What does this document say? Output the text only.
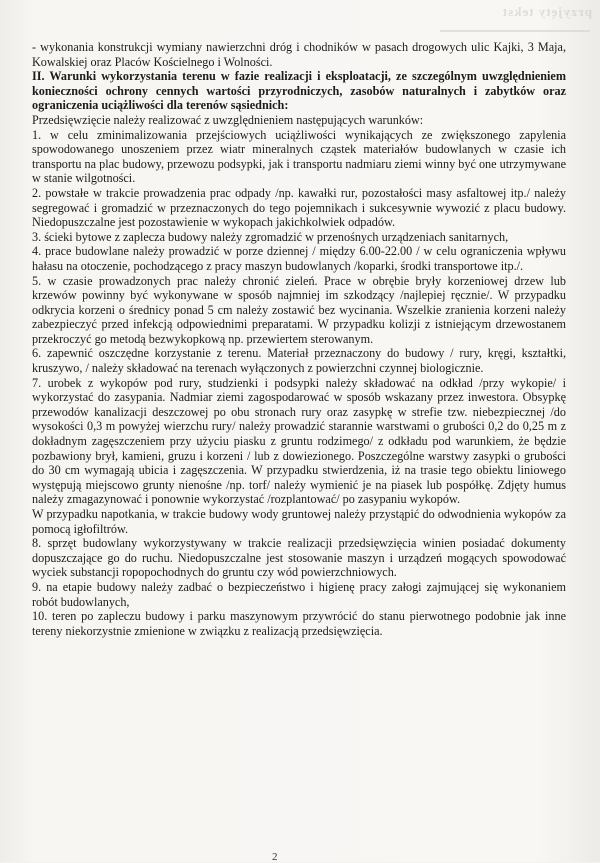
przyjęty tekst

- wykonania konstrukcji wymiany nawierzchni dróg i chodników w pasach drogowych ulic Kajki, 3 Maja, Kowalskiej oraz Placów Kościelnego i Wolności.

II. Warunki wykorzystania terenu w fazie realizacji i eksploatacji, ze szczególnym uwzględnieniem konieczności ochrony cennych wartości przyrodniczych, zasobów naturalnych i zabytków oraz ograniczenia uciążliwości dla terenów sąsiednich:

Przedsięwzięcie należy realizować z uwzględnieniem następujących warunków:

1. w celu zminimalizowania przejściowych uciążliwości wynikających ze zwiększonego zapylenia spowodowanego unoszeniem przez wiatr mineralnych cząstek materiałów budowlanych w czasie ich transportu na plac budowy, przewozu podsypki, jak i transportu nadmiaru ziemi winny być one utrzymywane w stanie wilgotności.

2. powstałe w trakcie prowadzenia prac odpady /np. kawałki rur, pozostałości masy asfaltowej itp./ należy segregować i gromadzić w przeznaczonych do tego pojemnikach i sukcesywnie wywozić z placu budowy. Niedopuszczalne jest pozostawienie w wykopach jakichkolwiek odpadów.

3. ścieki bytowe z zaplecza budowy należy zgromadzić w przenośnych urządzeniach sanitarnych,

4. prace budowlane należy prowadzić w porze dziennej / między 6.00-22.00 / w celu ograniczenia wpływu hałasu na otoczenie, pochodzącego z pracy maszyn budowlanych /koparki, środki transportowe itp./.

5. w czasie prowadzonych prac należy chronić zieleń. Prace w obrębie bryły korzeniowej drzew lub krzewów powinny być wykonywane w sposób najmniej im szkodzący /najlepiej ręcznie/. W przypadku odkrycia korzeni o średnicy ponad 5 cm należy zostawić bez wycinania. Wszelkie zranienia korzeni należy zabezpieczyć przed infekcją odpowiednimi preparatami. W przypadku kolizji z istniejącym drzewostanem przekroczyć go metodą bezwykopkową np. przewiertem sterowanym.

6. zapewnić oszczędne korzystanie z terenu. Materiał przeznaczony do budowy / rury, kręgi, kształtki, kruszywo, / należy składować na terenach wyłączonych z powierzchni czynnej biologicznie.

7. urobek z wykopów pod rury, studzienki i podsypki należy składować na odkład /przy wykopie/ i wykorzystać do zasypania. Nadmiar ziemi zagospodarować w sposób wskazany przez inwestora. Obsypkę przewodów kanalizacji deszczowej po obu stronach rury oraz zasypkę w strefie tzw. niebezpiecznej /do wysokości 0,3 m powyżej wierzchu rury/ należy prowadzić starannie warstwami o grubości 0,2 do 0,25 m z dokładnym zagęszczeniem przy użyciu piasku z gruntu rodzimego/ z odkładu pod warunkiem, że będzie pozbawiony brył, kamieni, gruzu i korzeni / lub z dowiezionego. Poszczególne warstwy zasypki o grubości do 30 cm wymagają ubicia i zagęszczenia. W przypadku stwierdzenia, iż na trasie tego obiektu liniowego występują miejscowo grunty nienośne /np. torf/ należy wymienić je na piasek lub pospółkę. Zdjęty humus należy zmagazynować i ponownie wykorzystać /rozplantować/ po zasypaniu wykopów.

W przypadku napotkania, w trakcie budowy wody gruntowej należy przystąpić do odwodnienia wykopów za pomocą igłofiltrów.

8. sprzęt budowlany wykorzystywany w trakcie realizacji przedsięwzięcia winien posiadać dokumenty dopuszczające go do ruchu. Niedopuszczalne jest stosowanie maszyn i urządzeń mogących spowodować wyciek substancji ropopochodnych do gruntu czy wód powierzchniowych.

9. na etapie budowy należy zadbać o bezpieczeństwo i higienę pracy załogi zajmującej się wykonaniem robót budowlanych,

10. teren po zapleczu budowy i parku maszynowym przywrócić do stanu pierwotnego podobnie jak inne tereny niekorzystnie zmienione w związku z realizacją przedsięwzięcia.

2
